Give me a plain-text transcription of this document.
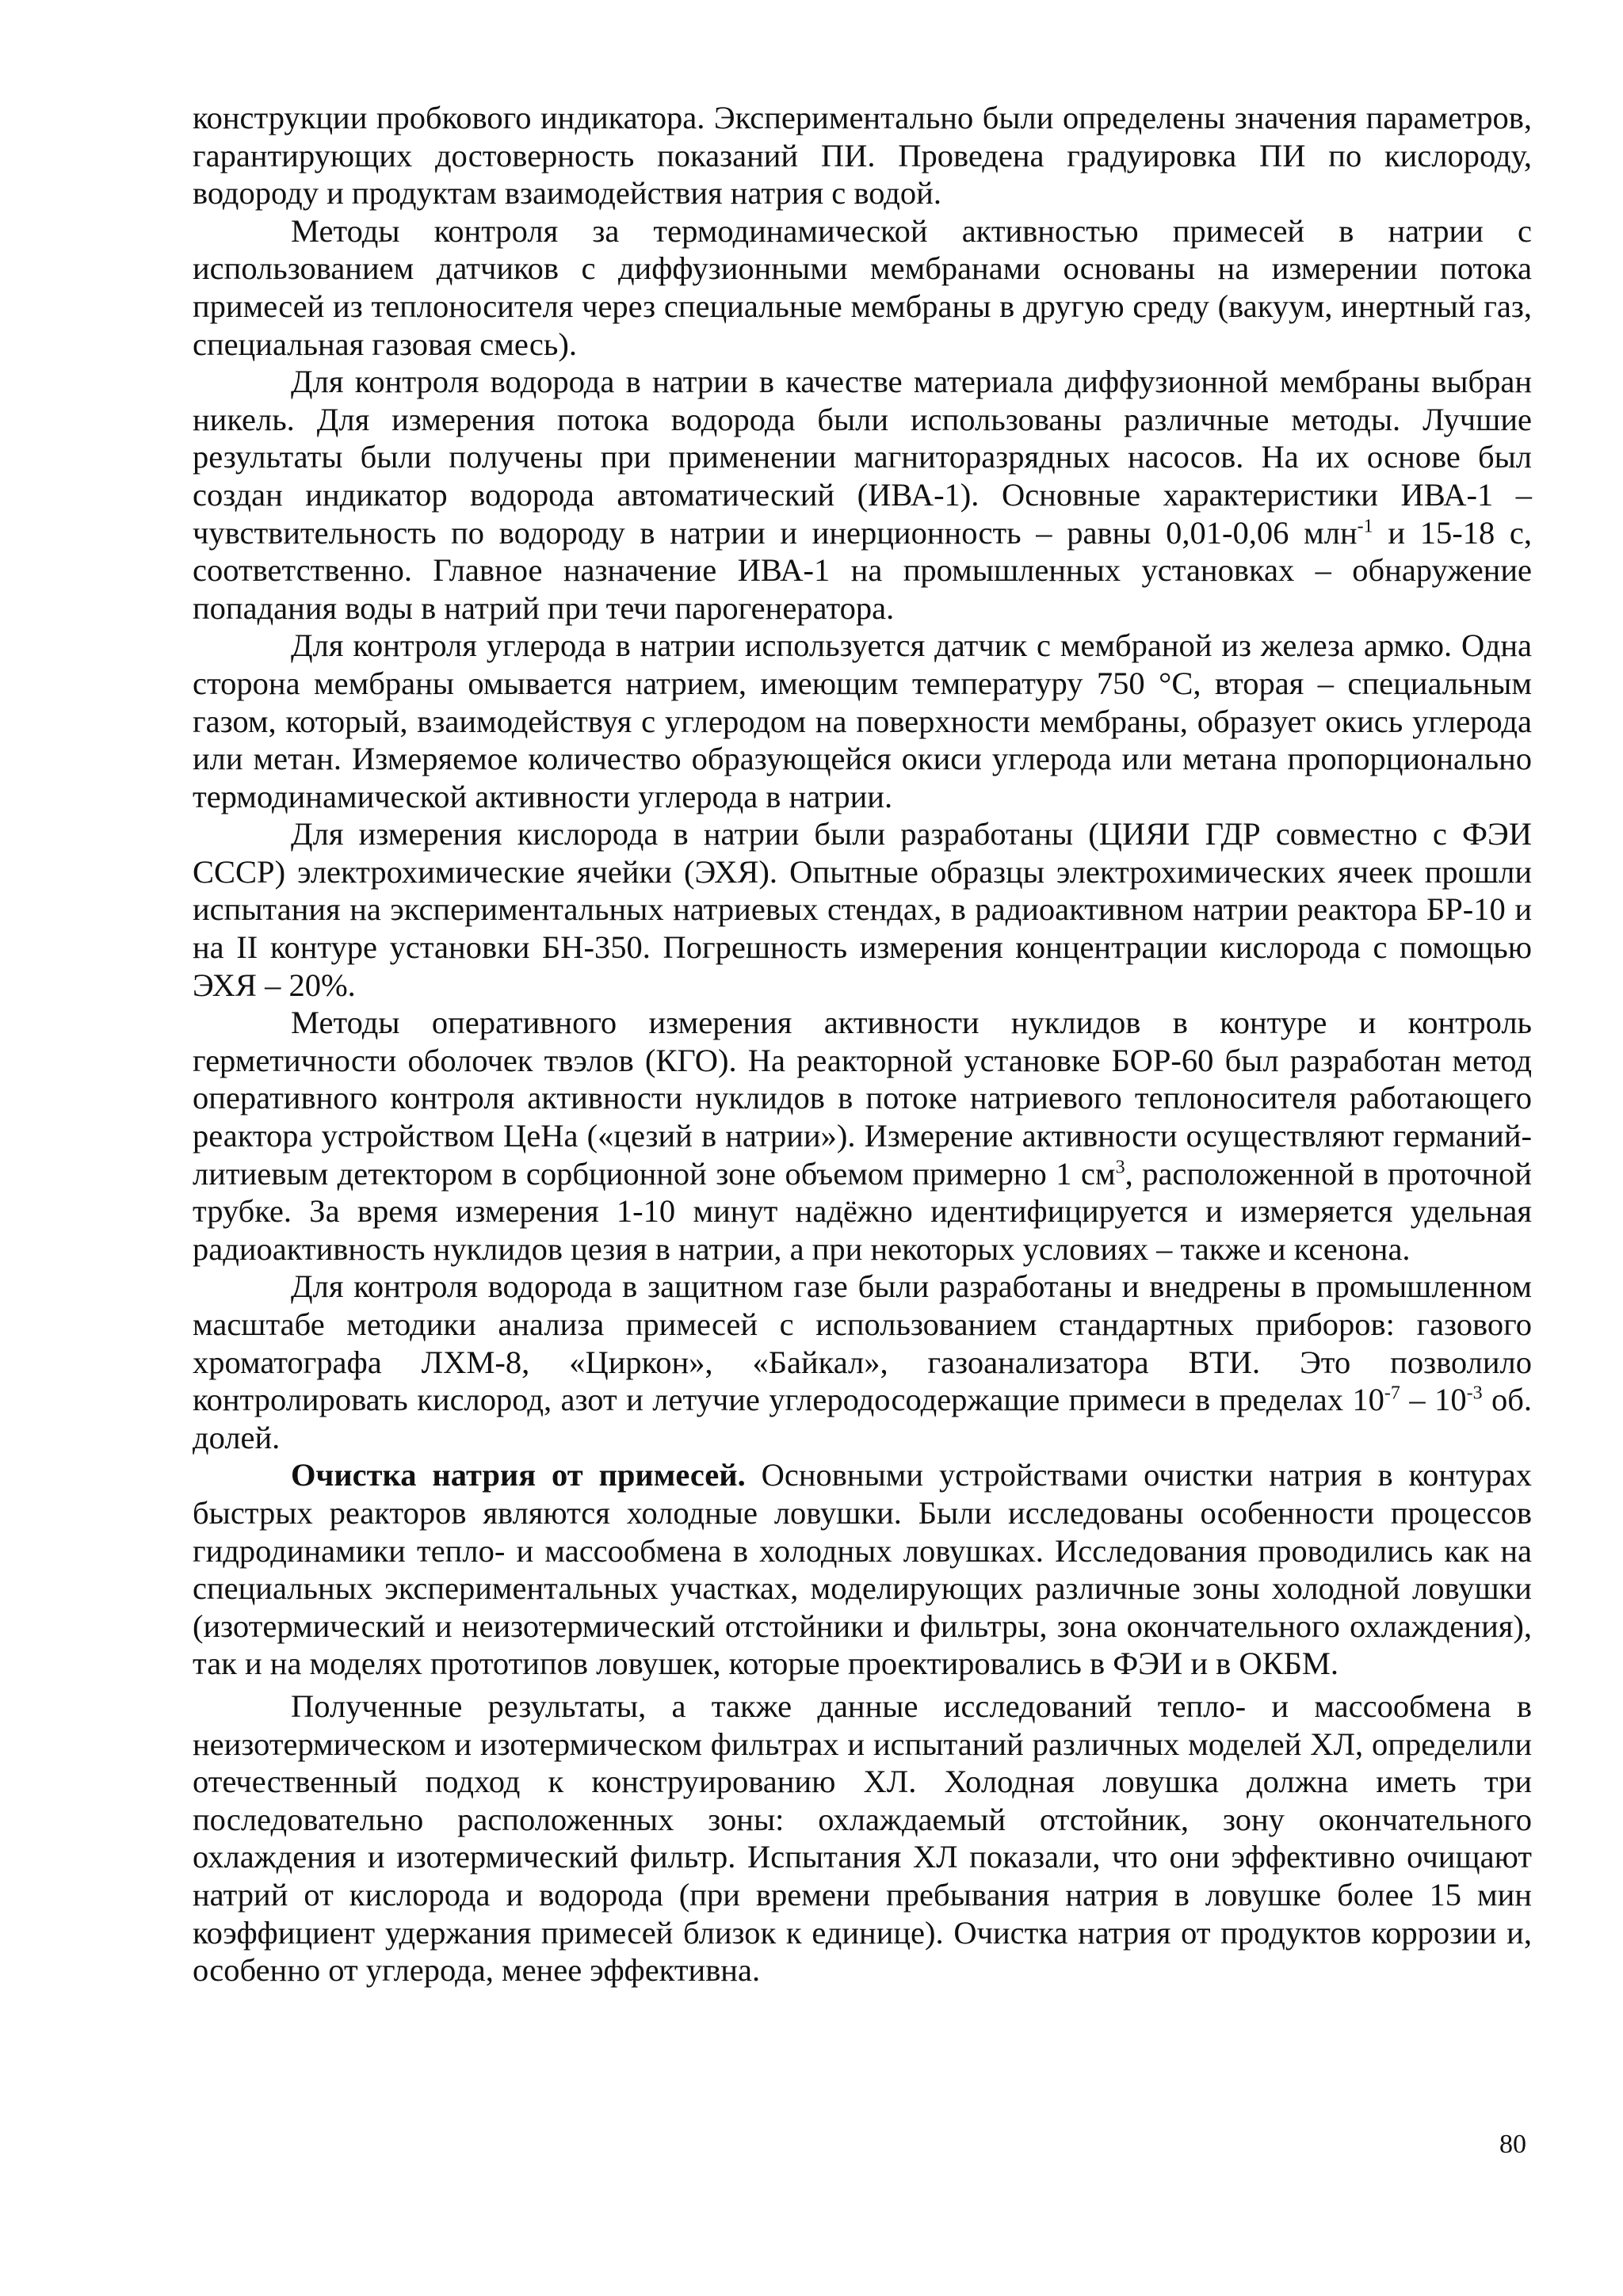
конструкции пробкового индикатора. Экспериментально были определены значения параметров, гарантирующих достоверность показаний ПИ. Проведена градуировка ПИ по кислороду, водороду и продуктам взаимодействия натрия с водой.

Методы контроля за термодинамической активностью примесей в натрии с использованием датчиков с диффузионными мембранами основаны на измерении потока примесей из теплоносителя через специальные мембраны в другую среду (вакуум, инертный газ, специальная газовая смесь).

Для контроля водорода в натрии в качестве материала диффузионной мембраны выбран никель. Для измерения потока водорода были использованы различные методы. Лучшие результаты были получены при применении магниторазрядных насосов. На их основе был создан индикатор водорода автоматический (ИВА-1). Основные характеристики ИВА-1 – чувствительность по водороду в натрии и инерционность – равны 0,01-0,06 млн$^{-1}$ и 15-18 с, соответственно. Главное назначение ИВА-1 на промышленных установках – обнаружение попадания воды в натрий при течи парогенератора.

Для контроля углерода в натрии используется датчик с мембраной из железа армко. Одна сторона мембраны омывается натрием, имеющим температуру 750 °С, вторая – специальным газом, который, взаимодействуя с углеродом на поверхности мембраны, образует окись углерода или метан. Измеряемое количество образующейся окиси углерода или метана пропорционально термодинамической активности углерода в натрии.

Для измерения кислорода в натрии были разработаны (ЦИЯИ ГДР совместно с ФЭИ СССР) электрохимические ячейки (ЭХЯ). Опытные образцы электрохимических ячеек прошли испытания на экспериментальных натриевых стендах, в радиоактивном натрии реактора БР-10 и на II контуре установки БН-350. Погрешность измерения концентрации кислорода с помощью ЭХЯ – 20%.

Методы оперативного измерения активности нуклидов в контуре и контроль герметичности оболочек твэлов (КГО). На реакторной установке БОР-60 был разработан метод оперативного контроля активности нуклидов в потоке натриевого теплоносителя работающего реактора устройством ЦеНа («цезий в натрии»). Измерение активности осуществляют германий-литиевым детектором в сорбционной зоне объемом примерно 1 $см^3$, расположенной в проточной трубке. За время измерения 1-10 минут надёжно идентифицируется и измеряется удельная радиоактивность нуклидов цезия в натрии, а при некоторых условиях – также и ксенона.

Для контроля водорода в защитном газе были разработаны и внедрены в промышленном масштабе методики анализа примесей с использованием стандартных приборов: газового хроматографа ЛХМ-8, «Циркон», «Байкал», газоанализатора ВТИ. Это позволило контролировать кислород, азот и летучие углеродосодержащие примеси в пределах $10^{-7} - 10^{-3}$ об. долей.

Очистка натрия от примесей. Основными устройствами очистки натрия в контурах быстрых реакторов являются холодные ловушки. Были исследованы особенности процессов гидродинамики тепло- и массообмена в холодных ловушках. Исследования проводились как на специальных экспериментальных участках, моделирующих различные зоны холодной ловушки (изотермический и неизотермический отстойники и фильтры, зона окончательного охлаждения), так и на моделях прототипов ловушек, которые проектировались в ФЭИ и в ОКБМ.

Полученные результаты, а также данные исследований тепло- и массообмена в неизотермическом и изотермическом фильтрах и испытаний различных моделей ХЛ, определили отечественный подход к конструированию ХЛ. Холодная ловушка должна иметь три последовательно расположенных зоны: охлаждаемый отстойник, зону окончательного охлаждения и изотермический фильтр. Испытания ХЛ показали, что они эффективно очищают натрий от кислорода и водорода (при времени пребывания натрия в ловушке более 15 мин коэффициент удержания примесей близок к единице). Очистка натрия от продуктов коррозии и, особенно от углерода, менее эффективна.

80
